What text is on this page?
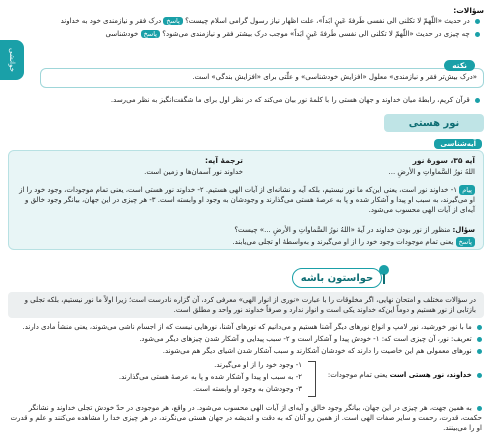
خوانشی
سؤالات:
در حدیث «اللّهمّ لا تکلنی الی نفسی طَرفةَ عَینٍ ابَداً»، علت اظهار نیاز رسول گرامی اسلام چیست؟ پاسخ درک فقر و نیازمندی خود به خداوند
چه چیزی در حدیث «اللّهمّ لا تکلنی الی نفسی طَرفةَ عَینٍ ابَداً» موجب درک بیشتر فقر و نیازمندی می‌شود؟ پاسخ خودشناسی
نکته
«درک بیش‌تر فقر و نیازمندی» معلول «افزایش خودشناسی» و علّتی برای «افزایش بندگی» است.
قرآن کریم، رابطهٔ میان خداوند و جهان هستی را با کلمهٔ نور بیان می‌کند که در نظر اول برای ما شگفت‌انگیز به نظر می‌رسد.
نور هستی
آیه‌شناسی
آیه ۳۵، سورهٔ نور
اللهُ نورُ السَّماواتِ و الأرضِ ...
ترجمهٔ آیه:
خداوند نور آسمان‌ها و زمین است.
پیام ۱- خداوند نور است، یعنی این‌که ما نور نیستیم، بلکه آیه و نشانه‌ای از آیات الهی هستیم. ۲- خداوند نور هستی است، یعنی تمام موجودات، وجود خود را از او می‌گیرند، به سبب او پیدا و آشکار شده و پا به عرصهٔ هستی می‌گذارند و وجودشان به وجود او وابسته است. ۳- هر چیزی در این جهان، بیانگر وجود خالق و آیه‌ای از آیات الهی محسوب می‌شود.
سؤال: منظور از نور بودن خداوند در آیهٔ «اللهُ نورُ السَّماواتِ و الأرضِ ...» چیست؟
پاسخ یعنی تمام موجودات وجود خود را از او می‌گیرند و به‌واسطهٔ او تجلی می‌یابند.
حواستون باشه
در سؤالات مختلف و امتحان نهایی، اگر مخلوقات را با عبارت «نوری از انوار الهی» معرفی کرد، آن گزاره نادرست است؛ زیرا اولاً ما نور نیستیم، بلکه تجلی و بازتابی از نور هستیم و دوماً این‌که خداوند یکی است و انوار ندارد و صرفاً خداوند نور واحد و مطلق است.
ما با نور خورشید، نور لامپ و انواع نورهای دیگر آشنا هستیم و می‌دانیم که نورهای آشنا، نورهایی نیست که از اجسام ناشی می‌شوند، یعنی منشأ مادی دارند.
تعریف: نور، آن چیزی است که: ۱- خودش پیدا و آشکار است و ۲- سبب پیدایی و آشکار شدن چیزهای دیگر می‌شود.
نورهای معمولی هم این خاصیت را دارند که خودشان آشکارند و سبب آشکار شدن اشیای دیگر هم می‌شوند.
خداوند، نور هستی است یعنی تمام موجودات:
۱- وجود خود را از او می‌گیرند.
۲- به سبب او پیدا و آشکار شده و پا به عرصهٔ هستی می‌گذارند.
۳- وجودشان به وجود او وابسته است.
به همین جهت، هر چیزی در این جهان، بیانگر وجود خالق و آیه‌ای از آیات الهی محسوب می‌شود. در واقع، هر موجودی در حدّ خودش تجلی خداوند و نشانگر حکمت، قدرت، رحمت و سایر صفات الهی است. از همین رو آنان که به دقت و اندیشه در جهان هستی می‌نگرند، در هر چیزی خدا را مشاهده می‌کنند و علم و قدرت او را می‌بینند.
